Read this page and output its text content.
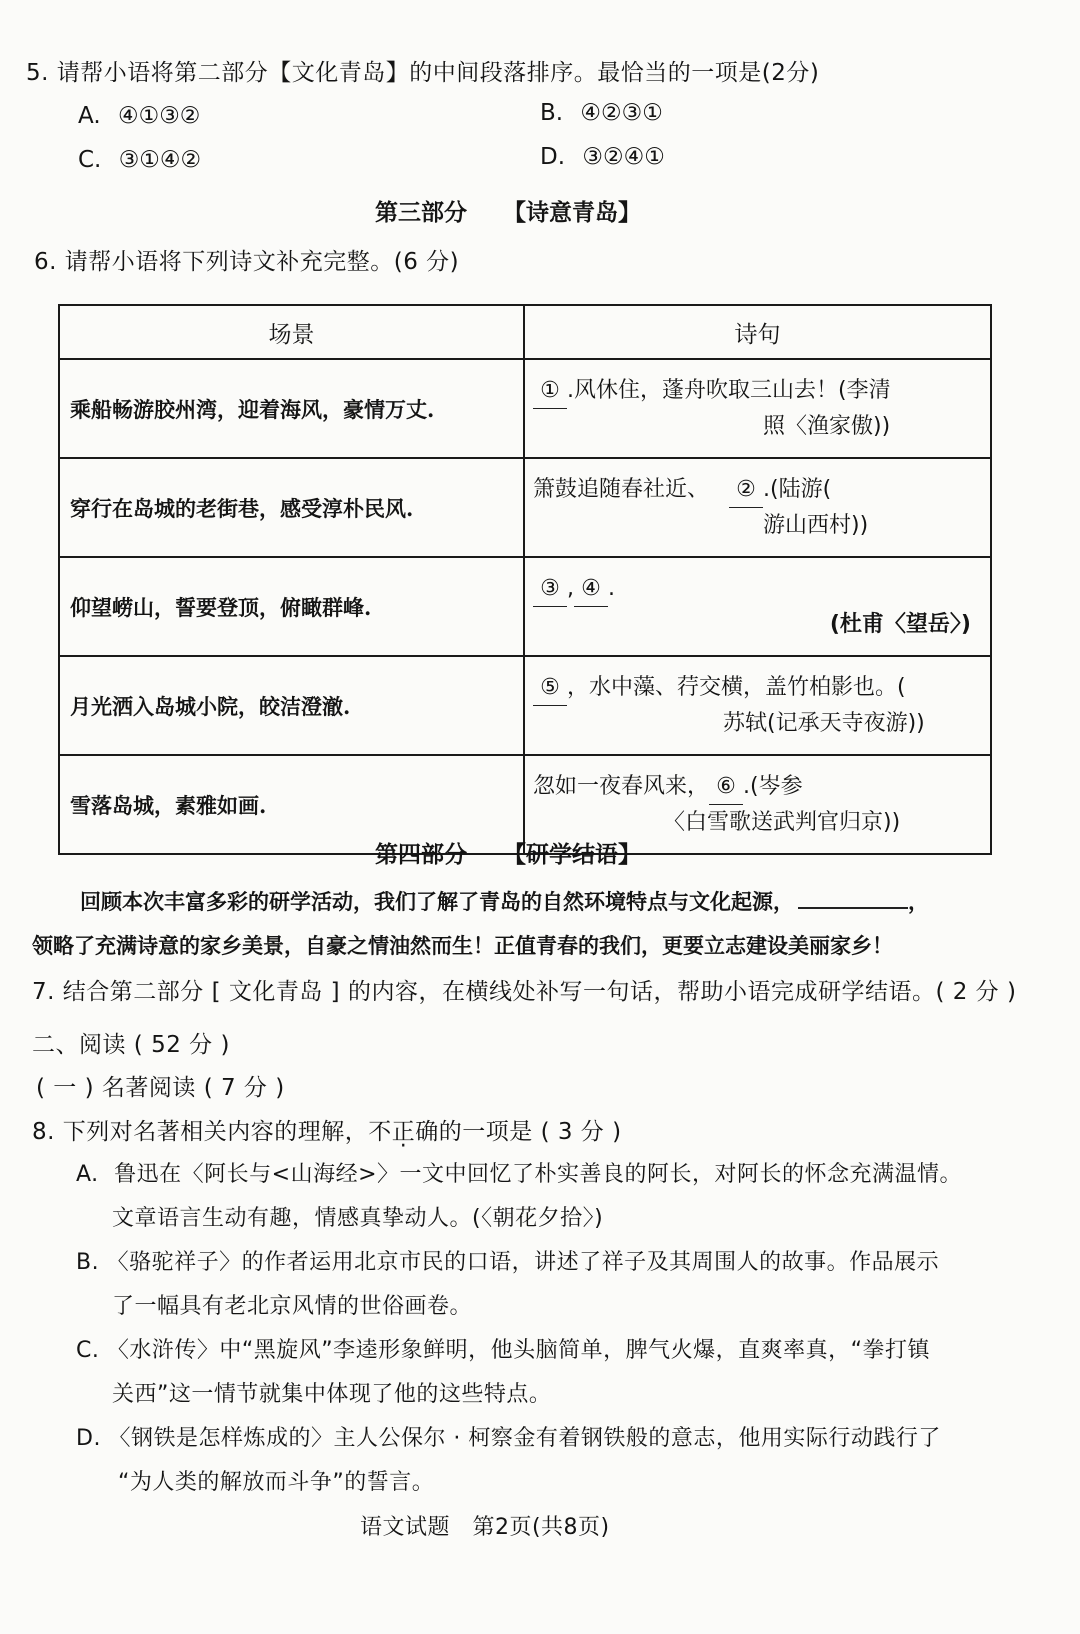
5. 请帮小语将第二部分【文化青岛】的中间段落排序。最恰当的一项是(2分)
A. ④①③②	B. ④②③①
C. ③①④②	D. ③②④①
第三部分 【诗意青岛】
6. 请帮小语将下列诗文补充完整。(6 分)
场景	诗句
乘船畅游胶州湾，迎着海风，豪情万丈.	① .风休住，蓬舟吹取三山去！(李清
照〈渔家傲))

穿行在岛城的老街巷，感受淳朴民风.	箫鼓追随春社近、 ② .(陆游(
游山西村))

仰望崂山，誓要登顶，俯瞰群峰.	③ , ④ .
(杜甫〈望岳〉)

月光洒入岛城小院，皎洁澄澈.	⑤ ，水中藻、荇交横，盖竹柏影也。(
苏轼(记承天寺夜游))

雪落岛城，素雅如画.	忽如一夜春风来， ⑥ .(岑参
〈白雪歌送武判官归京))
第四部分 【研学结语】
回顾本次丰富多彩的研学活动，我们了解了青岛的自然环境特点与文化起源，	，
领略了充满诗意的家乡美景，自豪之情油然而生！正值青春的我们，更要立志建设美丽家乡！
7. 结合第二部分 [ 文化青岛 ] 的内容，在横线处补写一句话，帮助小语完成研学结语。( 2 分 )
二、阅读 ( 52 分 )
( 一 ) 名著阅读 ( 7 分 )
8. 下列对名著相关内容的理解，不正确的一项是 ( 3 分 )
A. 鲁迅在〈阿长与<山海经>〉一文中回忆了朴实善良的阿长，对阿长的怀念充满温情。
文章语言生动有趣，情感真挚动人。(〈朝花夕拾〉)
B. 〈骆驼祥子〉的作者运用北京市民的口语，讲述了祥子及其周围人的故事。作品展示
了一幅具有老北京风情的世俗画卷。
C. 〈水浒传〉中“黑旋风”李逵形象鲜明，他头脑简单，脾气火爆，直爽率真，“拳打镇
关西”这一情节就集中体现了他的这些特点。
D. 〈钢铁是怎样炼成的〉主人公保尔 · 柯察金有着钢铁般的意志，他用实际行动践行了
“为人类的解放而斗争”的誓言。
语文试题   第2页(共8页)
